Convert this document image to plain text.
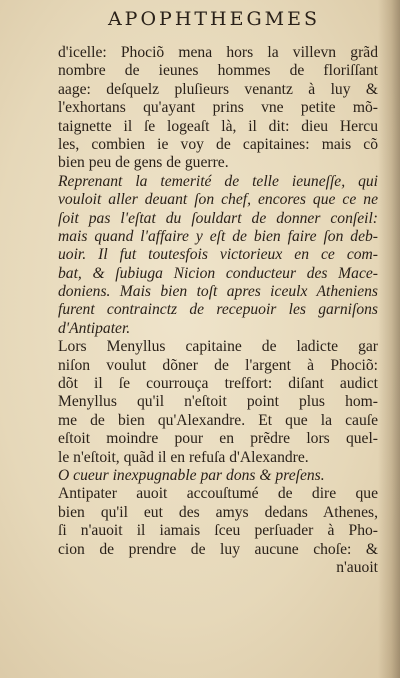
APOPHTHEGMES
d'icelle: Phociõ mena hors la villevn grãd
nombre de ieunes hommes de floriſſant
aage: deſquelz pluſieurs venantz à luy &
l'exhortans qu'ayant prins vne petite mõ-
taignette il ſe logeaſt là, il dit: dieu Hercu
les, combien ie voy de capitaines: mais cõ
bien peu de gens de guerre.
Reprenant la temerité de telle ieuneſſe, qui
vouloit aller deuant ſon chef, encores que ce ne
ſoit pas l'eſtat du ſouldart de donner conſeil:
mais quand l'affaire y eſt de bien faire ſon deb-
uoir. Il fut toutesfois victorieux en ce com-
bat, & ſubiuga Nicion conducteur des Mace-
doniens. Mais bien toſt apres iceulx Atheniens
furent contrainctz de recepuoir les garniſons
d'Antipater.
Lors Menyllus capitaine de ladicte gar
niſon voulut dõner de l'argent à Phociõ:
dõt il ſe courrouça treſfort: diſant audict
Menyllus qu'il n'eſtoit point plus hom-
me de bien qu'Alexandre. Et que la cauſe
eſtoit moindre pour en prẽdre lors quel-
le n'eſtoit, quãd il en refuſa d'Alexandre.
O cueur inexpugnable par dons & preſens.
Antipater auoit accouſtumé de dire que
bien qu'il eut des amys dedans Athenes,
ſi n'auoit il iamais ſceu perſuader à Pho-
cion de prendre de luy aucune choſe: &
n'auoit
